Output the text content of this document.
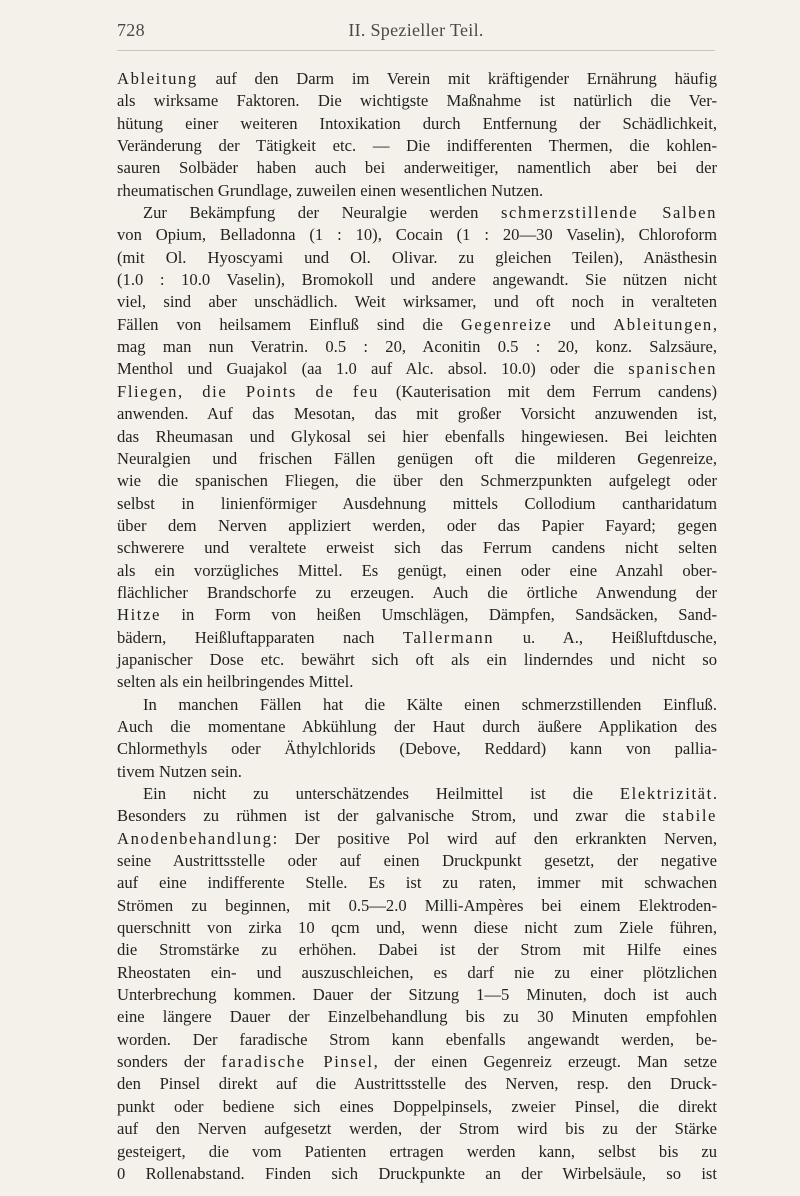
728	II. Spezieller Teil.
Ableitung auf den Darm im Verein mit kräftigender Ernährung häufig
als wirksame Faktoren. Die wichtigste Maßnahme ist natürlich die Ver-
hütung einer weiteren Intoxikation durch Entfernung der Schädlichkeit,
Veränderung der Tätigkeit etc. — Die indifferenten Thermen, die kohlen-
sauren Solbäder haben auch bei anderweitiger, namentlich aber bei der
rheumatischen Grundlage, zuweilen einen wesentlichen Nutzen.
Zur Bekämpfung der Neuralgie werden schmerzstillende Salben
von Opium, Belladonna (1 : 10), Cocain (1 : 20—30 Vaselin), Chloroform
(mit Ol. Hyoscyami und Ol. Olivar. zu gleichen Teilen), Anästhesin
(1.0 : 10.0 Vaselin), Bromokoll und andere angewandt. Sie nützen nicht
viel, sind aber unschädlich. Weit wirksamer, und oft noch in veralteten
Fällen von heilsamem Einfluß sind die Gegenreize und Ableitungen,
mag man nun Veratrin. 0.5 : 20, Aconitin 0.5 : 20, konz. Salzsäure,
Menthol und Guajakol (aa 1.0 auf Alc. absol. 10.0) oder die spanischen
Fliegen, die Points de feu (Kauterisation mit dem Ferrum candens)
anwenden. Auf das Mesotan, das mit großer Vorsicht anzuwenden ist,
das Rheumasan und Glykosal sei hier ebenfalls hingewiesen. Bei leichten
Neuralgien und frischen Fällen genügen oft die milderen Gegenreize,
wie die spanischen Fliegen, die über den Schmerzpunkten aufgelegt oder
selbst in linienförmiger Ausdehnung mittels Collodium cantharidatum
über dem Nerven appliziert werden, oder das Papier Fayard; gegen
schwerere und veraltete erweist sich das Ferrum candens nicht selten
als ein vorzügliches Mittel. Es genügt, einen oder eine Anzahl ober-
flächlicher Brandschorfe zu erzeugen. Auch die örtliche Anwendung der
Hitze in Form von heißen Umschlägen, Dämpfen, Sandsäcken, Sand-
bädern, Heißluftapparaten nach Tallermann u. A., Heißluftdusche,
japanischer Dose etc. bewährt sich oft als ein linderndes und nicht so
selten als ein heilbringendes Mittel.
In manchen Fällen hat die Kälte einen schmerzstillenden Einfluß.
Auch die momentane Abkühlung der Haut durch äußere Applikation des
Chlormethyls oder Äthylchlorids (Debove, Reddard) kann von pallia-
tivem Nutzen sein.
Ein nicht zu unterschätzendes Heilmittel ist die Elektrizität.
Besonders zu rühmen ist der galvanische Strom, und zwar die stabile
Anodenbehandlung: Der positive Pol wird auf den erkrankten Nerven,
seine Austrittsstelle oder auf einen Druckpunkt gesetzt, der negative
auf eine indifferente Stelle. Es ist zu raten, immer mit schwachen
Strömen zu beginnen, mit 0.5—2.0 Milli-Ampères bei einem Elektroden-
querschnitt von zirka 10 qcm und, wenn diese nicht zum Ziele führen,
die Stromstärke zu erhöhen. Dabei ist der Strom mit Hilfe eines
Rheostaten ein- und auszuschleichen, es darf nie zu einer plötzlichen
Unterbrechung kommen. Dauer der Sitzung 1—5 Minuten, doch ist auch
eine längere Dauer der Einzelbehandlung bis zu 30 Minuten empfohlen
worden. Der faradische Strom kann ebenfalls angewandt werden, be-
sonders der faradische Pinsel, der einen Gegenreiz erzeugt. Man setze
den Pinsel direkt auf die Austrittsstelle des Nerven, resp. den Druck-
punkt oder bediene sich eines Doppelpinsels, zweier Pinsel, die direkt
auf den Nerven aufgesetzt werden, der Strom wird bis zu der Stärke
gesteigert, die vom Patienten ertragen werden kann, selbst bis zu
0 Rollenabstand. Finden sich Druckpunkte an der Wirbelsäule, so ist
